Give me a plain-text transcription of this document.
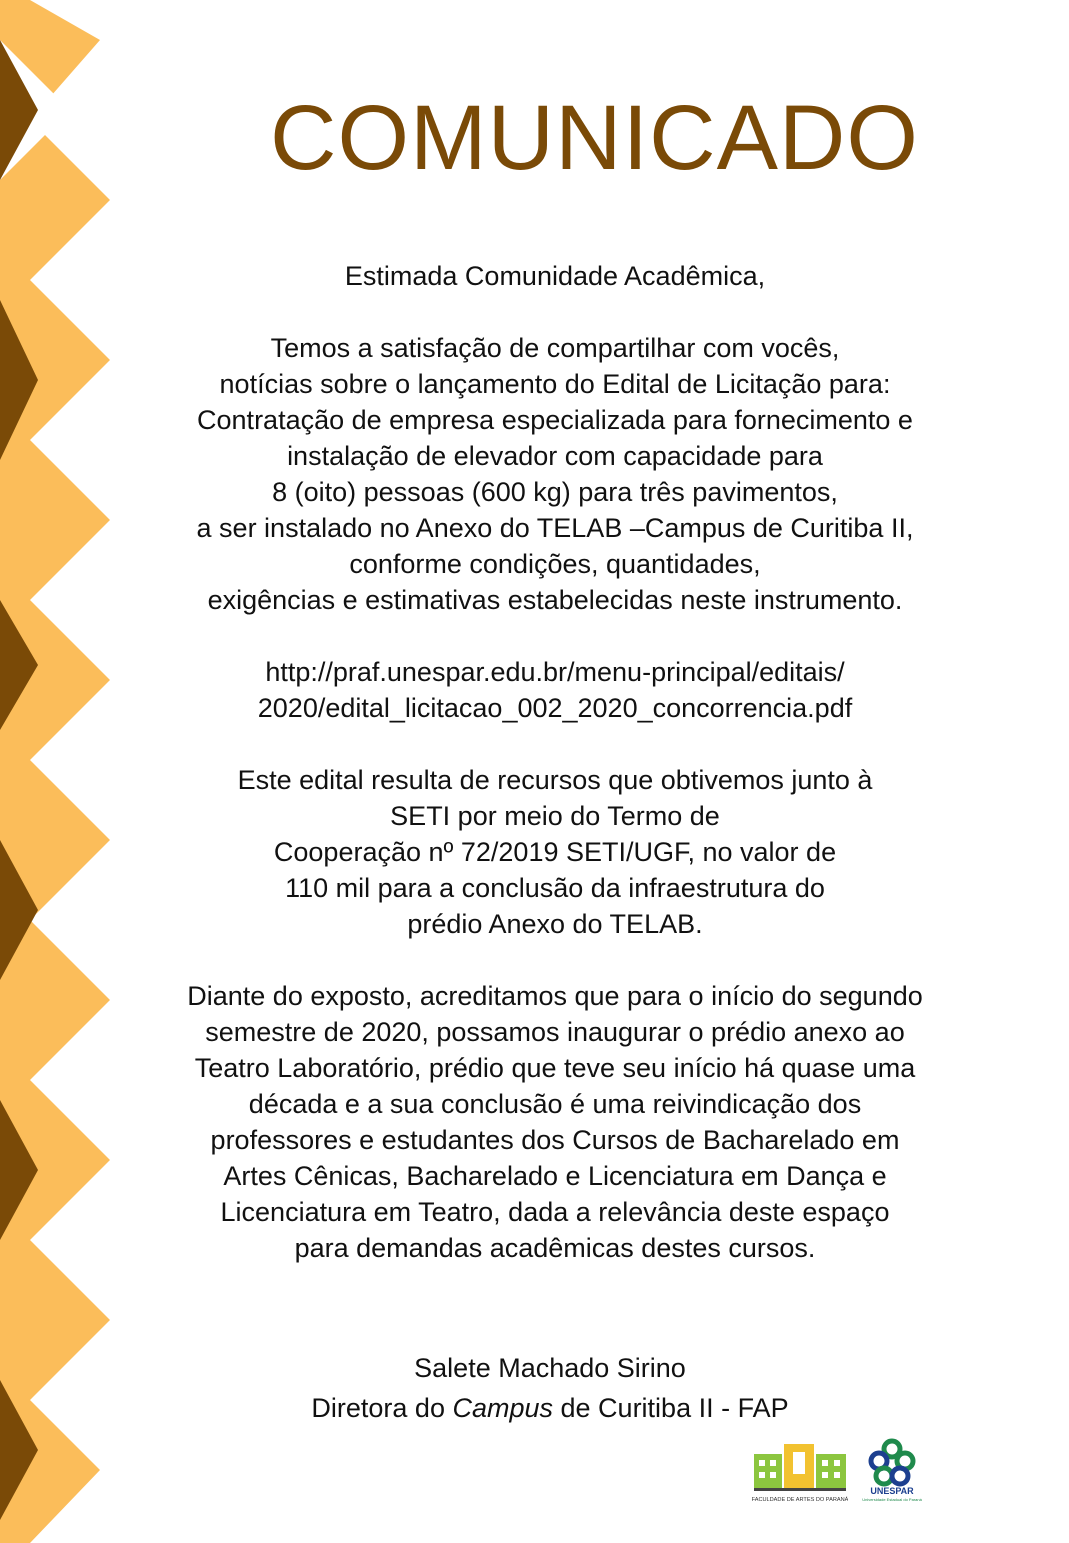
COMUNICADO

Estimada Comunidade Acadêmica,

Temos a satisfação de compartilhar com vocês,
notícias sobre o lançamento do Edital de Licitação para:
Contratação de empresa especializada para fornecimento e
instalação de elevador com capacidade para
8 (oito) pessoas (600 kg) para três pavimentos,
a ser instalado no Anexo do TELAB –Campus de Curitiba II,
conforme condições, quantidades,
exigências e estimativas estabelecidas neste instrumento.

http://praf.unespar.edu.br/menu-principal/editais/
2020/edital_licitacao_002_2020_concorrencia.pdf

Este edital resulta de recursos que obtivemos junto à
SETI por meio do Termo de
Cooperação nº 72/2019 SETI/UGF, no valor de
110 mil para a conclusão da infraestrutura do
prédio Anexo do TELAB.

Diante do exposto, acreditamos que para o início do segundo
semestre de 2020, possamos inaugurar o prédio anexo ao
Teatro Laboratório, prédio que teve seu início há quase uma
década e a sua conclusão é uma reivindicação dos
professores e estudantes dos Cursos de Bacharelado em
Artes Cênicas, Bacharelado e Licenciatura em Dança e
Licenciatura em Teatro, dada a relevância deste espaço
para demandas acadêmicas destes cursos.

Salete Machado Sirino
Diretora do Campus de Curitiba II - FAP
FACULDADE DE ARTES DO PARANÁ
UNESPAR
Universidade Estadual do Paraná
